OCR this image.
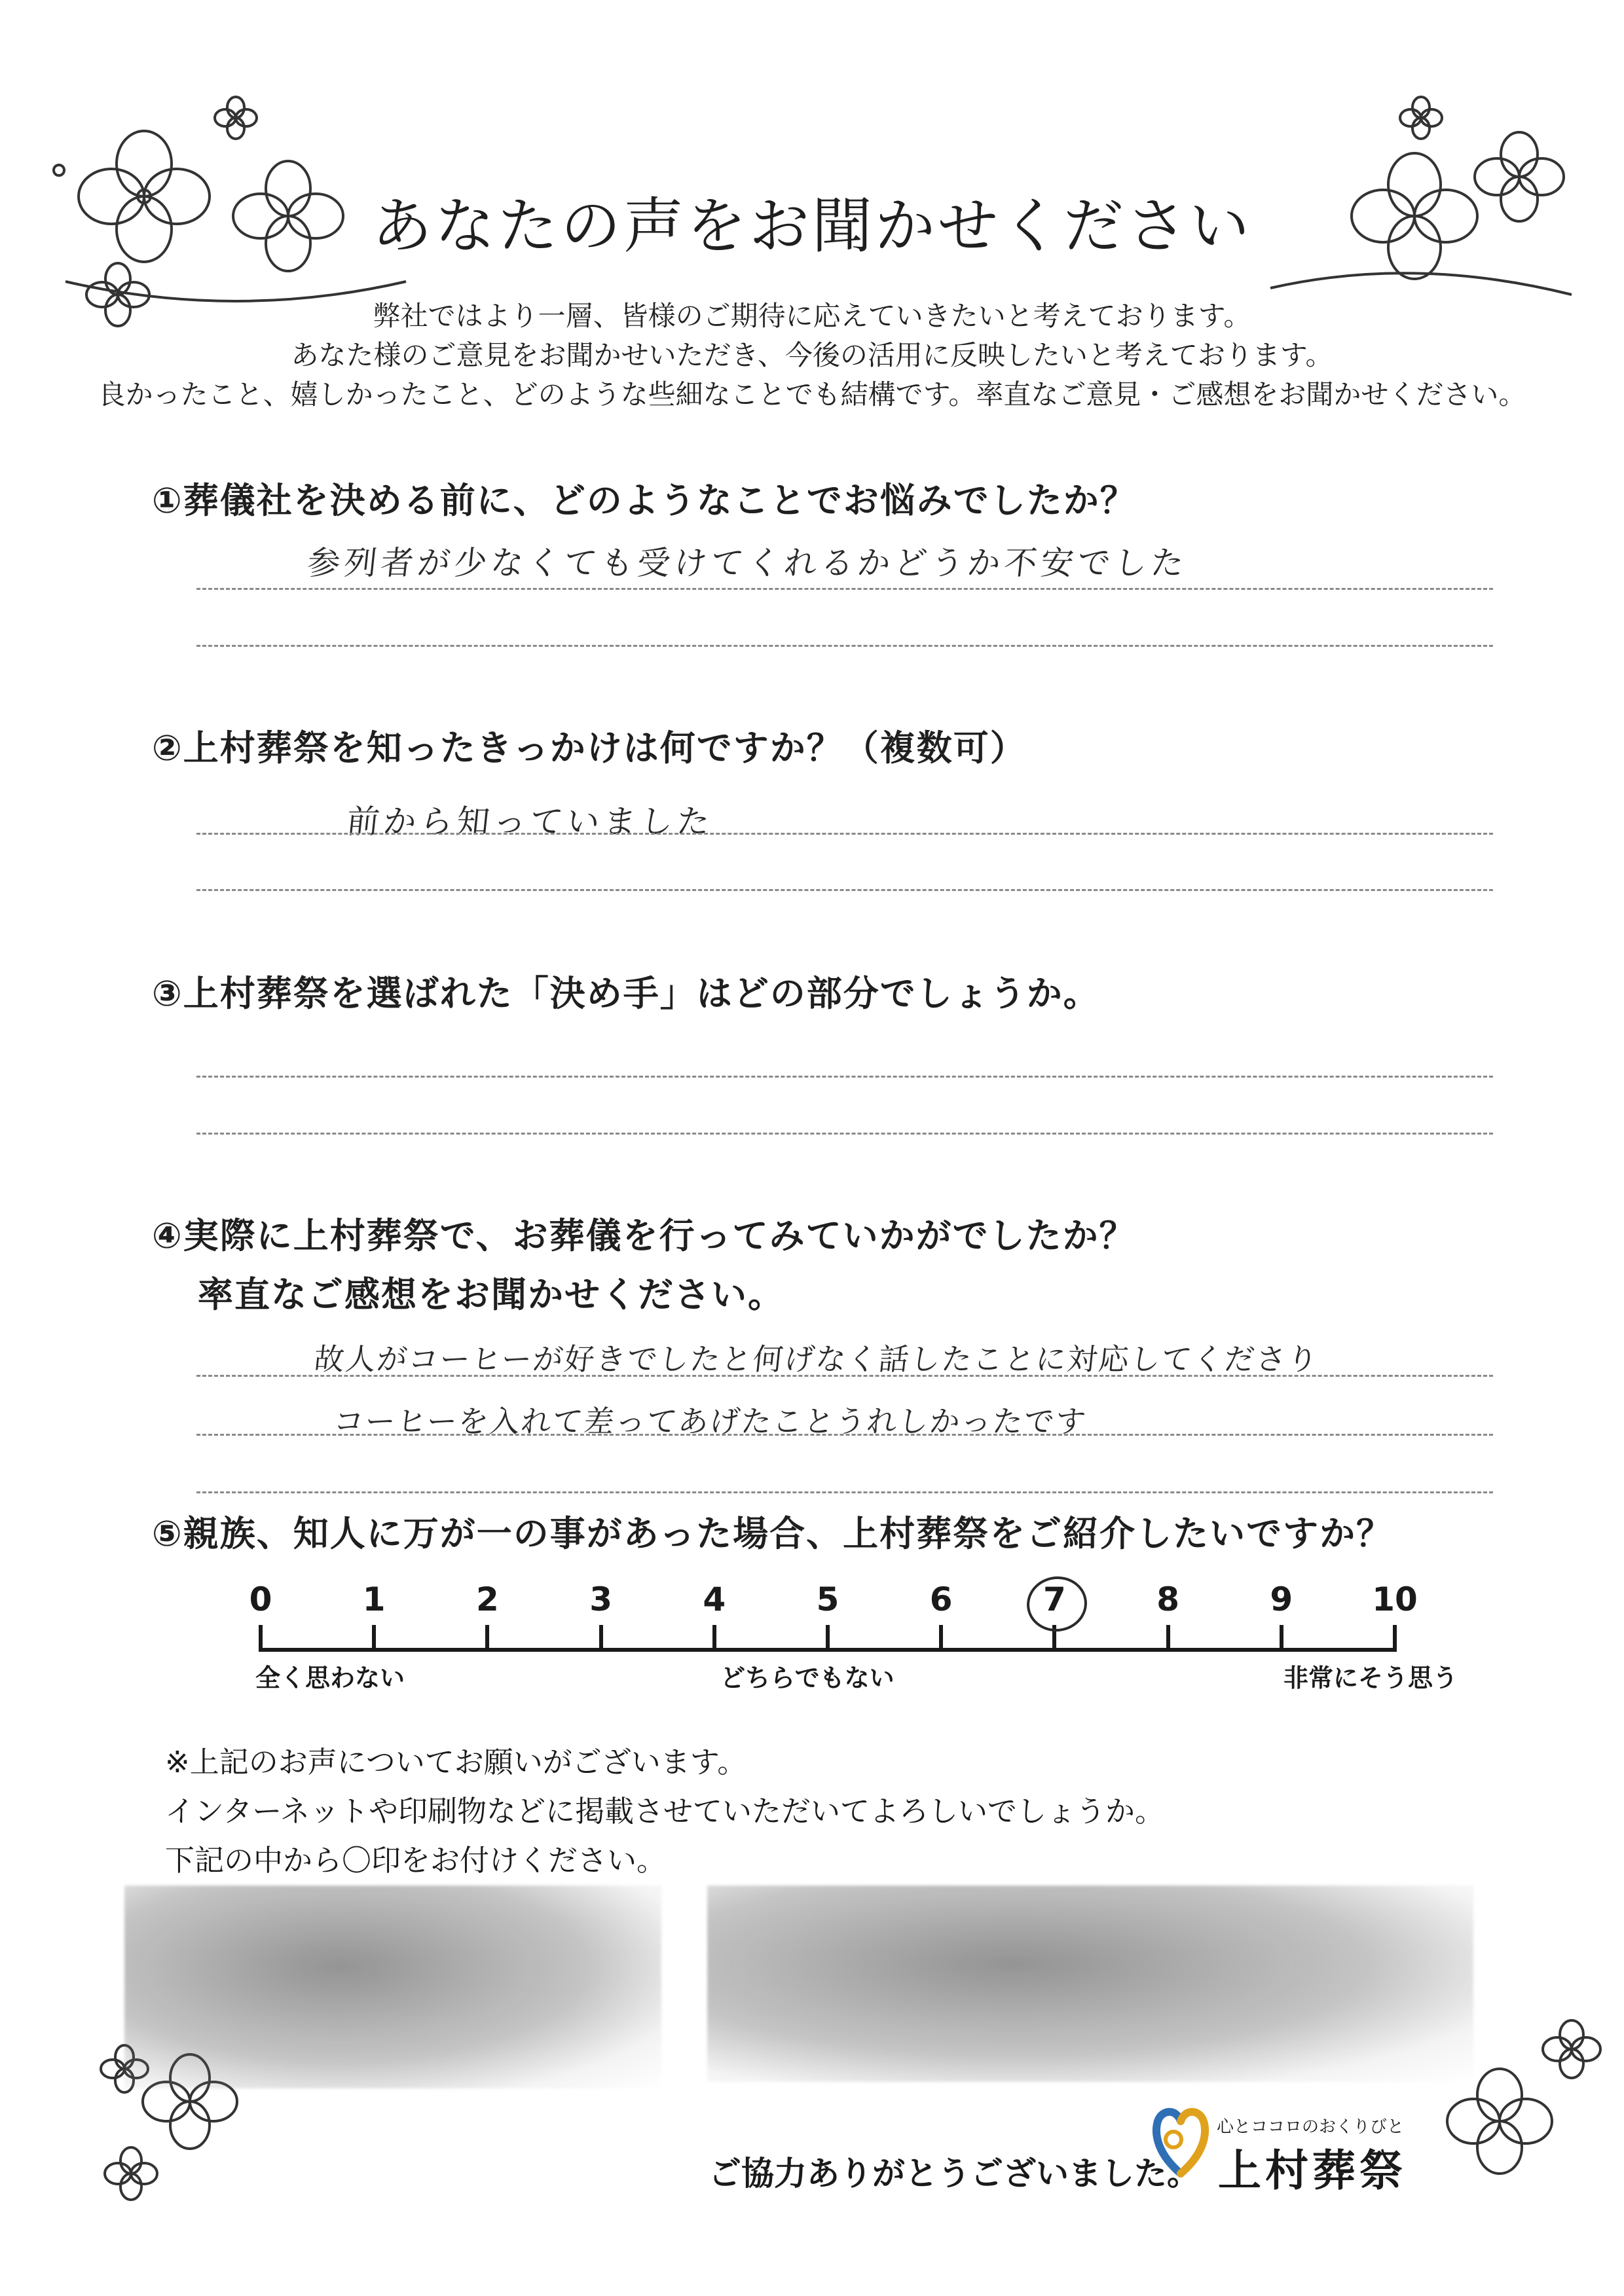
あなたの声をお聞かせください
弊社ではより一層、皆様のご期待に応えていきたいと考えております。
あなた様のご意見をお聞かせいただき、今後の活用に反映したいと考えております。
良かったこと、嬉しかったこと、どのような些細なことでも結構です。率直なご意見・ご感想をお聞かせください。
①葬儀社を決める前に、どのようなことでお悩みでしたか？
参列者が少なくても受けてくれるかどうか不安でした
②上村葬祭を知ったきっかけは何ですか？（複数可）
前から知っていました
③上村葬祭を選ばれた「決め手」はどの部分でしょうか。
④実際に上村葬祭で、お葬儀を行ってみていかがでしたか？
率直なご感想をお聞かせください。
故人がコーヒーが好きでしたと何げなく話したことに対応してくださり
コーヒーを入れて差ってあげたことうれしかったです
⑤親族、知人に万が一の事があった場合、上村葬祭をご紹介したいですか？
0	1	2	3	4	5	6	7	8	9	10
全く思わない	どちらでもない	非常にそう思う
※上記のお声についてお願いがございます。
インターネットや印刷物などに掲載させていただいてよろしいでしょうか。
下記の中から〇印をお付けください。
ご協力ありがとうございました。
心とココロのおくりびと
上村葬祭
